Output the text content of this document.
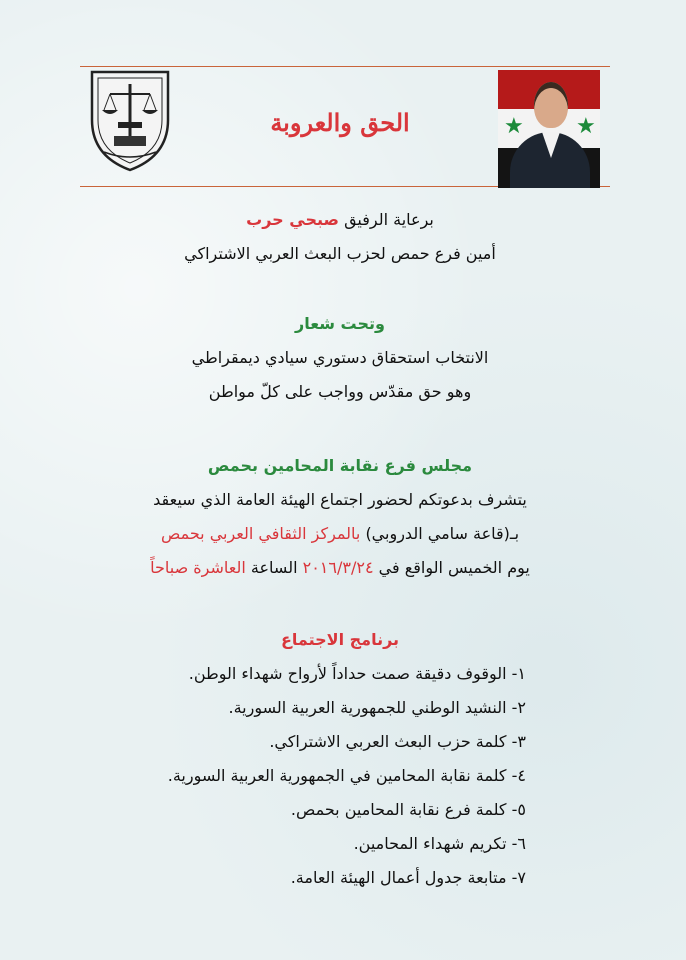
الحق والعروبة	★ ★
برعاية الرفيق صبحي حرب
أمين فرع حمص لحزب البعث العربي الاشتراكي
وتحت شعار
الانتخاب استحقاق دستوري سيادي ديمقراطي
وهو حق مقدّس وواجب على كلّ مواطن
مجلس فرع نقابة المحامين بحمص
يتشرف بدعوتكم لحضور اجتماع الهيئة العامة الذي سيعقد
بـ(قاعة سامي الدروبي) بالمركز الثقافي العربي بحمص
يوم الخميس الواقع في ٢٠١٦/٣/٢٤ الساعة العاشرة صباحاً
برنامج الاجتماع
١- الوقوف دقيقة صمت حداداً لأرواح شهداء الوطن.
٢- النشيد الوطني للجمهورية العربية السورية.
٣- كلمة حزب البعث العربي الاشتراكي.
٤- كلمة نقابة المحامين في الجمهورية العربية السورية.
٥- كلمة فرع نقابة المحامين بحمص.
٦- تكريم شهداء المحامين.
٧- متابعة جدول أعمال الهيئة العامة.
